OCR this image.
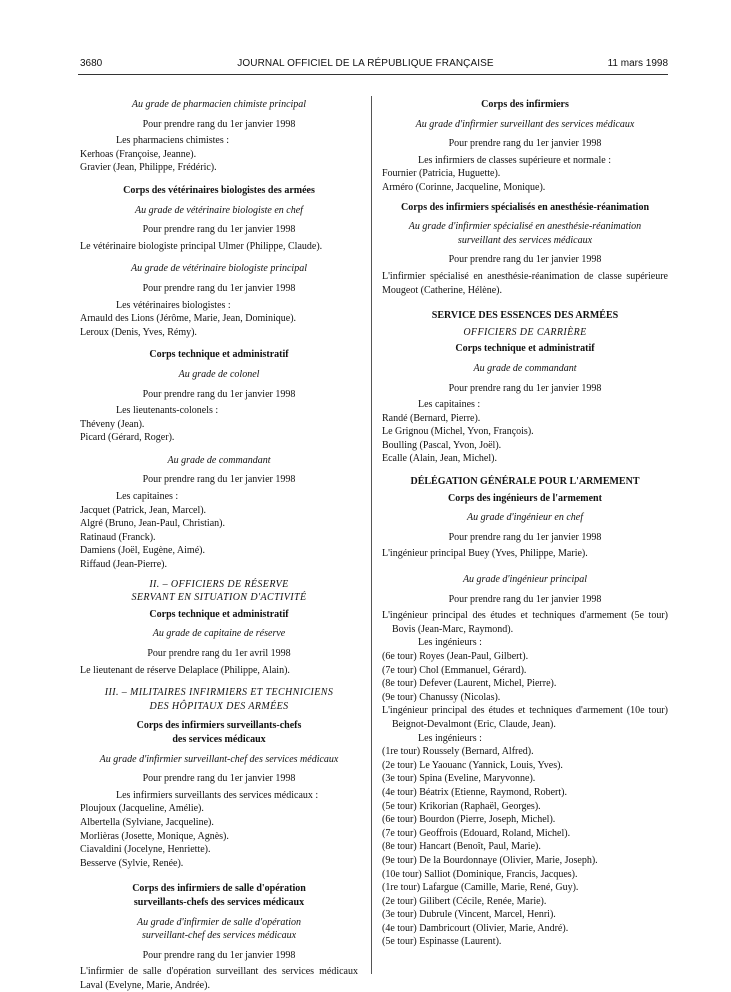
3680	JOURNAL OFFICIEL DE LA RÉPUBLIQUE FRANÇAISE	11 mars 1998
Au grade de pharmacien chimiste principal
Pour prendre rang du 1er janvier 1998
Les pharmaciens chimistes :
Kerhoas (Françoise, Jeanne).
Gravier (Jean, Philippe, Frédéric).
Corps des vétérinaires biologistes des armées
Au grade de vétérinaire biologiste en chef
Pour prendre rang du 1er janvier 1998
Le vétérinaire biologiste principal Ulmer (Philippe, Claude).
Au grade de vétérinaire biologiste principal
Pour prendre rang du 1er janvier 1998
Les vétérinaires biologistes :
Arnauld des Lions (Jérôme, Marie, Jean, Dominique).
Leroux (Denis, Yves, Rémy).
Corps technique et administratif
Au grade de colonel
Pour prendre rang du 1er janvier 1998
Les lieutenants-colonels :
Théveny (Jean).
Picard (Gérard, Roger).
Au grade de commandant
Pour prendre rang du 1er janvier 1998
Les capitaines :
Jacquet (Patrick, Jean, Marcel).
Algré (Bruno, Jean-Paul, Christian).
Ratinaud (Franck).
Damiens (Joël, Eugène, Aimé).
Riffaud (Jean-Pierre).
II. – OFFICIERS DE RÉSERVE
SERVANT EN SITUATION D'ACTIVITÉ
Corps technique et administratif
Au grade de capitaine de réserve
Pour prendre rang du 1er avril 1998
Le lieutenant de réserve Delaplace (Philippe, Alain).
III. – MILITAIRES INFIRMIERS ET TECHNICIENS
DES HÔPITAUX DES ARMÉES
Corps des infirmiers surveillants-chefs
des services médicaux
Au grade d'infirmier surveillant-chef des services médicaux
Pour prendre rang du 1er janvier 1998
Les infirmiers surveillants des services médicaux :
Ploujoux (Jacqueline, Amélie).
Albertella (Sylviane, Jacqueline).
Morlièras (Josette, Monique, Agnès).
Ciavaldini (Jocelyne, Henriette).
Besserve (Sylvie, Renée).
Corps des infirmiers de salle d'opération
surveillants-chefs des services médicaux
Au grade d'infirmier de salle d'opération
surveillant-chef des services médicaux
Pour prendre rang du 1er janvier 1998
L'infirmier de salle d'opération surveillant des services médicaux Laval (Evelyne, Marie, Andrée).
Corps des infirmiers
Au grade d'infirmier surveillant des services médicaux
Pour prendre rang du 1er janvier 1998
Les infirmiers de classes supérieure et normale :
Fournier (Patricia, Huguette).
Arméro (Corinne, Jacqueline, Monique).
Corps des infirmiers spécialisés en anesthésie-réanimation
Au grade d'infirmier spécialisé en anesthésie-réanimation
surveillant des services médicaux
Pour prendre rang du 1er janvier 1998
L'infirmier spécialisé en anesthésie-réanimation de classe supérieure Mougeot (Catherine, Hélène).
SERVICE DES ESSENCES DES ARMÉES
OFFICIERS DE CARRIÈRE
Corps technique et administratif
Au grade de commandant
Pour prendre rang du 1er janvier 1998
Les capitaines :
Randé (Bernard, Pierre).
Le Grignou (Michel, Yvon, François).
Boulling (Pascal, Yvon, Joël).
Ecalle (Alain, Jean, Michel).
DÉLÉGATION GÉNÉRALE POUR L'ARMEMENT
Corps des ingénieurs de l'armement
Au grade d'ingénieur en chef
Pour prendre rang du 1er janvier 1998
L'ingénieur principal Buey (Yves, Philippe, Marie).
Au grade d'ingénieur principal
Pour prendre rang du 1er janvier 1998
L'ingénieur principal des études et techniques d'armement (5e tour) Bovis (Jean-Marc, Raymond).
Les ingénieurs :
(6e tour) Royes (Jean-Paul, Gilbert).
(7e tour) Chol (Emmanuel, Gérard).
(8e tour) Defever (Laurent, Michel, Pierre).
(9e tour) Chanussy (Nicolas).
L'ingénieur principal des études et techniques d'armement (10e tour) Beignot-Devalmont (Eric, Claude, Jean).
Les ingénieurs :
(1re tour) Roussely (Bernard, Alfred).
(2e tour) Le Yaouanc (Yannick, Louis, Yves).
(3e tour) Spina (Eveline, Maryvonne).
(4e tour) Béatrix (Etienne, Raymond, Robert).
(5e tour) Krikorian (Raphaël, Georges).
(6e tour) Bourdon (Pierre, Joseph, Michel).
(7e tour) Geoffrois (Edouard, Roland, Michel).
(8e tour) Hancart (Benoît, Paul, Marie).
(9e tour) De la Bourdonnaye (Olivier, Marie, Joseph).
(10e tour) Salliot (Dominique, Francis, Jacques).
(1re tour) Lafargue (Camille, Marie, René, Guy).
(2e tour) Gilibert (Cécile, Renée, Marie).
(3e tour) Dubrule (Vincent, Marcel, Henri).
(4e tour) Dambricourt (Olivier, Marie, André).
(5e tour) Espinasse (Laurent).
